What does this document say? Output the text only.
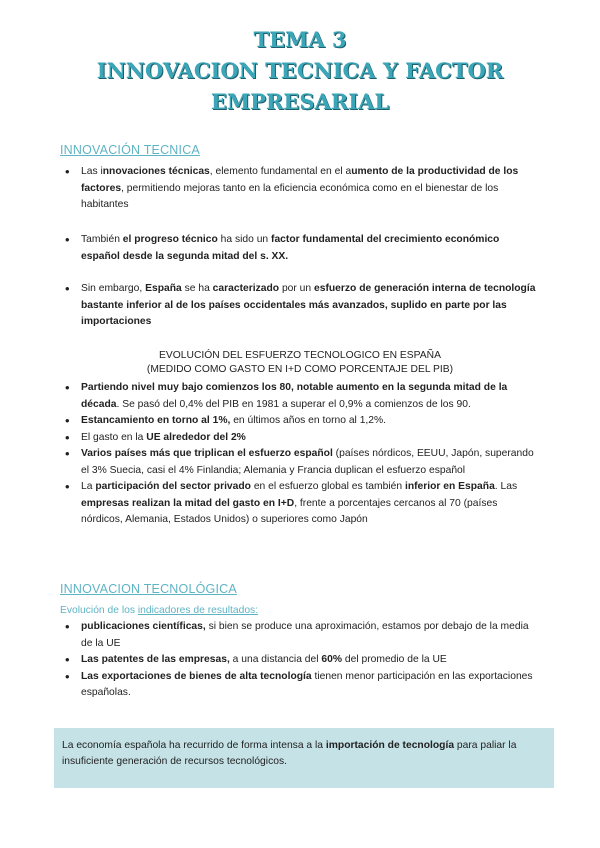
TEMA 3
INNOVACION TECNICA Y FACTOR
EMPRESARIAL
INNOVACIÓN TECNICA
• Las innovaciones técnicas, elemento fundamental en el aumento de la productividad de los factores, permitiendo mejoras tanto en la eficiencia económica como en el bienestar de los habitantes
• También el progreso técnico ha sido un factor fundamental del crecimiento económico español desde la segunda mitad del s. XX.
• Sin embargo, España se ha caracterizado por un esfuerzo de generación interna de tecnología bastante inferior al de los países occidentales más avanzados, suplido en parte por las importaciones
EVOLUCIÓN DEL ESFUERZO TECNOLOGICO EN ESPAÑA
(MEDIDO COMO GASTO EN I+D COMO PORCENTAJE DEL PIB)
• Partiendo nivel muy bajo comienzos los 80, notable aumento en la segunda mitad de la década. Se pasó del 0,4% del PIB en 1981 a superar el 0,9% a comienzos de los 90.
• Estancamiento en torno al 1%, en últimos años en torno al 1,2%.
• El gasto en la UE alrededor del 2%
• Varios países más que triplican el esfuerzo español (países nórdicos, EEUU, Japón, superando el 3% Suecia, casi el 4% Finlandia; Alemania y Francia duplican el esfuerzo español
• La participación del sector privado en el esfuerzo global es también inferior en España. Las empresas realizan la mitad del gasto en I+D, frente a porcentajes cercanos al 70 (países nórdicos, Alemania, Estados Unidos) o superiores como Japón
INNOVACION TECNOLÓGICA
Evolución de los indicadores de resultados:
• publicaciones científicas, si bien se produce una aproximación, estamos por debajo de la media de la UE
• Las patentes de las empresas, a una distancia del 60% del promedio de la UE
• Las exportaciones de bienes de alta tecnología tienen menor participación en las exportaciones españolas.
La economía española ha recurrido de forma intensa a la importación de tecnología para paliar la insuficiente generación de recursos tecnológicos.
